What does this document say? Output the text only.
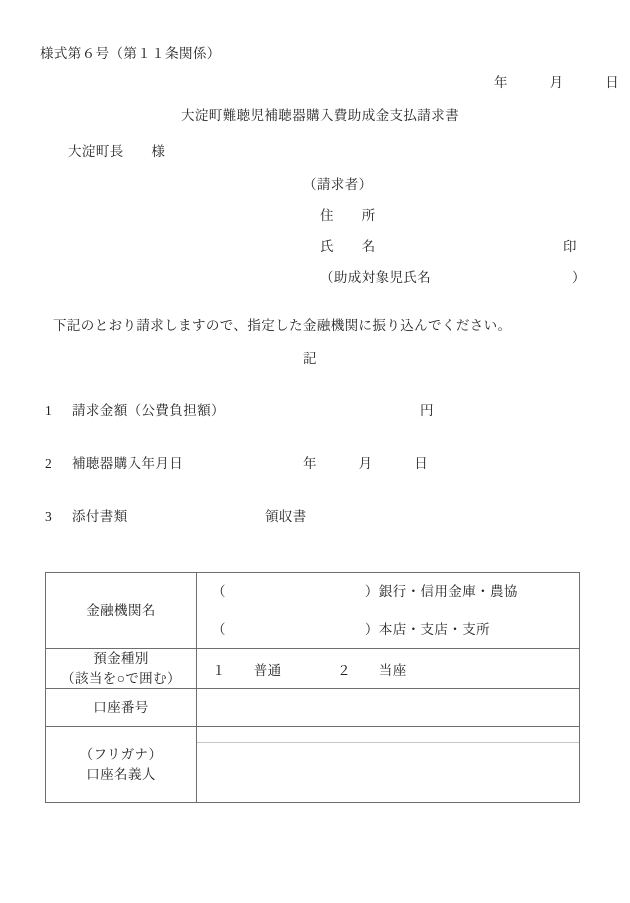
様式第６号（第１１条関係）
年　　　月　　　日
大淀町難聴児補聴器購入費助成金支払請求書
大淀町長　　様
（請求者）
住　　所
氏　　名	印
（助成対象児氏名	）
下記のとおり請求しますので、指定した金融機関に振り込んでください。
記
1 請求金額（公費負担額）	円
2 補聴器購入年月日	年　　　月　　　日
3 添付書類	領収書
金融機関名	（　　　　　　　　　　）銀行・信用金庫・農協
（　　　　　　　　　　）本店・支店・支所

預金種別
（該当を○で囲む）	１　　普通　　　　２　　当座
口座番号	

（フリガナ）
口座名義人	
